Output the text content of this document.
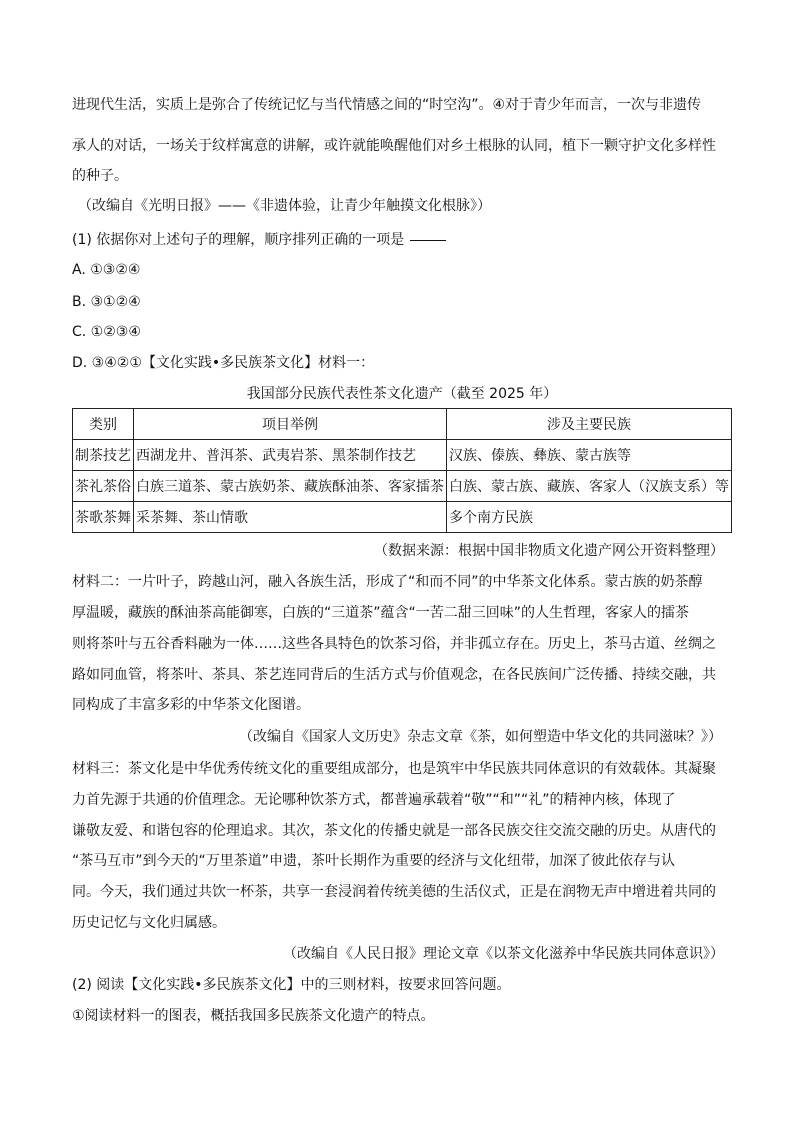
进现代生活，实质上是弥合了传统记忆与当代情感之间的“时空沟”。④对于青少年而言，一次与非遗传

承人的对话，一场关于纹样寓意的讲解，或许就能唤醒他们对乡土根脉的认同，植下一颗守护文化多样性

的种子。

（改编自《光明日报》——《非遗体验，让青少年触摸文化根脉》）

(1) 依据你对上述句子的理解，顺序排列正确的一项是

A. ①③②④

B. ③①②④

C. ①②③④

D. ③④②①【文化实践•多民族茶文化】材料一：

我国部分民族代表性茶文化遗产（截至 2025 年）
类别	项目举例	涉及主要民族
制茶技艺	西湖龙井、普洱茶、武夷岩茶、黑茶制作技艺	汉族、傣族、彝族、蒙古族等
茶礼茶俗	白族三道茶、蒙古族奶茶、藏族酥油茶、客家擂茶	白族、蒙古族、藏族、客家人（汉族支系）等
茶歌茶舞	采茶舞、茶山情歌	多个南方民族
（数据来源：根据中国非物质文化遗产网公开资料整理）

材料二：一片叶子，跨越山河，融入各族生活，形成了“和而不同”的中华茶文化体系。蒙古族的奶茶醇

厚温暖，藏族的酥油茶高能御寒，白族的“三道茶”蕴含“一苦二甜三回味”的人生哲理，客家人的擂茶

则将茶叶与五谷香料融为一体……这些各具特色的饮茶习俗，并非孤立存在。历史上，茶马古道、丝绸之

路如同血管，将茶叶、茶具、茶艺连同背后的生活方式与价值观念，在各民族间广泛传播、持续交融，共

同构成了丰富多彩的中华茶文化图谱。

（改编自《国家人文历史》杂志文章《茶，如何塑造中华文化的共同滋味？》）

材料三：茶文化是中华优秀传统文化的重要组成部分，也是筑牢中华民族共同体意识的有效载体。其凝聚

力首先源于共通的价值理念。无论哪种饮茶方式，都普遍承载着“敬”“和”“礼”的精神内核，体现了

谦敬友爱、和谐包容的伦理追求。其次，茶文化的传播史就是一部各民族交往交流交融的历史。从唐代的

“茶马互市”到今天的“万里茶道”申遗，茶叶长期作为重要的经济与文化纽带，加深了彼此依存与认

同。今天，我们通过共饮一杯茶，共享一套浸润着传统美德的生活仪式，正是在润物无声中增进着共同的

历史记忆与文化归属感。

（改编自《人民日报》理论文章《以茶文化滋养中华民族共同体意识》）

(2) 阅读【文化实践•多民族茶文化】中的三则材料，按要求回答问题。

①阅读材料一的图表，概括我国多民族茶文化遗产的特点。
